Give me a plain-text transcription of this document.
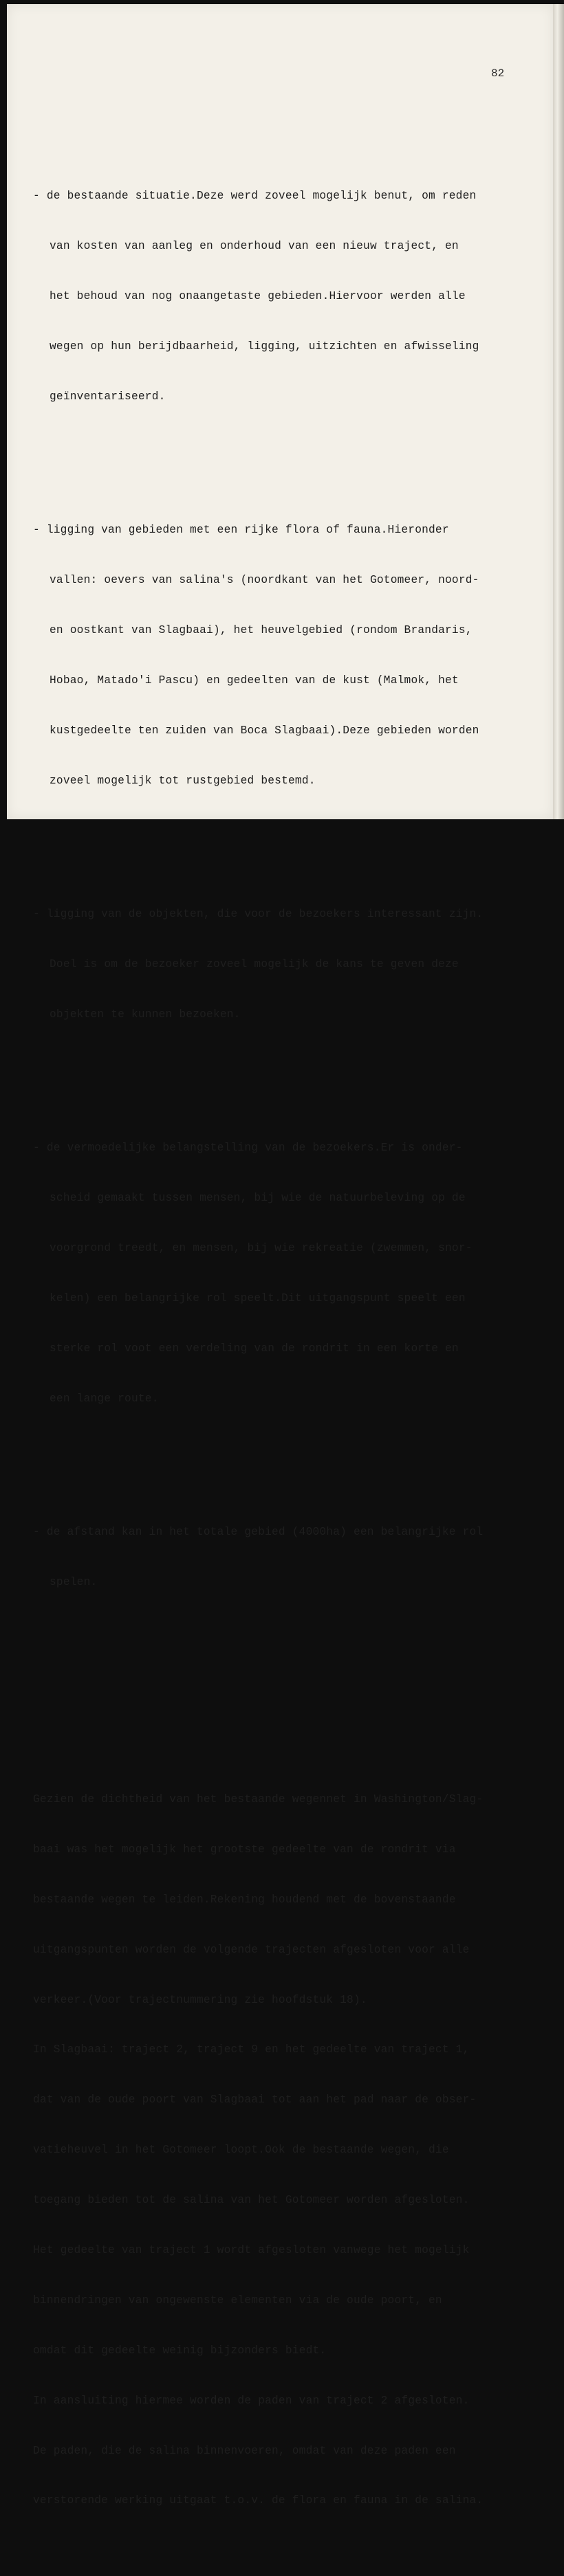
82

- de bestaande situatie.Deze werd zoveel mogelijk benut, om reden

van kosten van aanleg en onderhoud van een nieuw traject, en

het behoud van nog onaangetaste gebieden.Hiervoor werden alle

wegen op hun berijdbaarheid, ligging, uitzichten en afwisseling

geïnventariseerd.

- ligging van gebieden met een rijke flora of fauna.Hieronder

vallen: oevers van salina's (noordkant van het Gotomeer, noord-

en oostkant van Slagbaai), het heuvelgebied (rondom Brandaris,

Hobao, Matado'i Pascu) en gedeelten van de kust (Malmok, het

kustgedeelte ten zuiden van Boca Slagbaai).Deze gebieden worden

zoveel mogelijk tot rustgebied bestemd.

- ligging van de objekten, die voor de bezoekers interessant zijn.

Doel is om de bezoeker zoveel mogelijk de kans te geven deze

objekten te kunnen bezoeken.

- de vermoedelijke belangstelling van de bezoekers.Er is onder-

scheid gemaakt tussen mensen, bij wie de natuurbeleving op de

voorgrond treedt, en mensen, bij wie rekreatie (zwemmen, snor-

kelen) een belangrijke rol speelt.Dit uitgangspunt speelt een

sterke rol voot een verdeling van de rondrit in een korte en

een lange route.

- de afstand kan in het totale gebied (4000ha) een belangrijke rol

spelen.

Gezien de dichtheid van het bestaande wegennet in Washington/Slag-

baai was het mogelijk het grootste gedeelte van de rondrit via

bestaande wegen te leiden.Rekening houdend met de bovenstaande

uitgangspunten worden de volgende trajecten afgesloten voor alle

verkeer.(Voor trajectnummering zie hoofdstuk 18).

In Slagbaai: traject 2, traject 9 en het gedeelte van traject 1,

dat van de oude poort van Slagbaai tot aan het pad naar de obser-

vatieheuvel in het Gotomeer loopt.Ook de bestaande wegen, die

toegang bieden tot de salina van het Gotomeer worden afgesloten.

Het gedeelte van traject 1 wordt afgesloten vanwege het mogelijk

binnendringen van ongewenste elementen via de oude poort, en

omdat dit gedeelte weinig bijzonders biedt.

In aansluiting hiermee worden de paden van traject 2 afgesloten.

De paden, die de salina binnenvoeren, omdat van deze paden een

verstorende werking uitgaat t.o.v. de flora en fauna in de salina.
